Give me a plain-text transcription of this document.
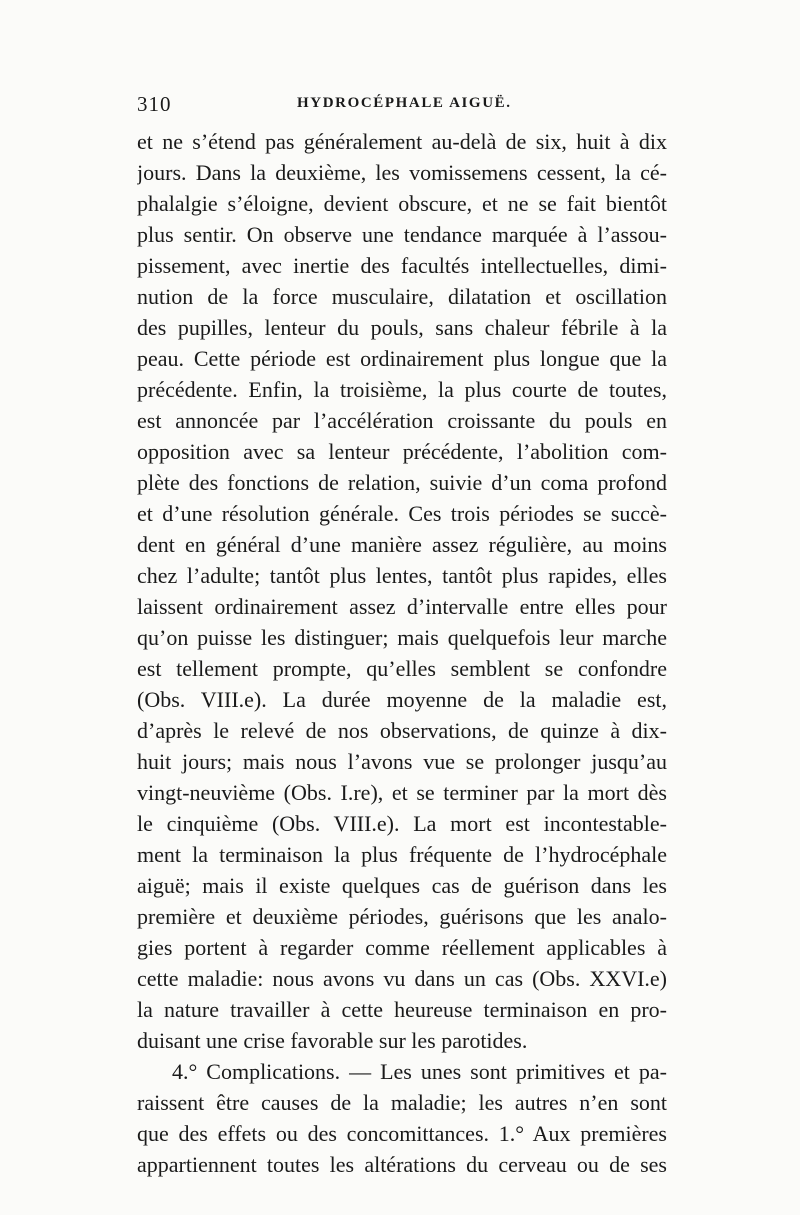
310	HYDROCÉPHALE AIGUË.
et ne s’étend pas généralement au-delà de six, huit à dix
jours. Dans la deuxième, les vomissemens cessent, la cé-
phalalgie s’éloigne, devient obscure, et ne se fait bientôt
plus sentir. On observe une tendance marquée à l’assou-
pissement, avec inertie des facultés intellectuelles, dimi-
nution de la force musculaire, dilatation et oscillation
des pupilles, lenteur du pouls, sans chaleur fébrile à la
peau. Cette période est ordinairement plus longue que la
précédente. Enfin, la troisième, la plus courte de toutes,
est annoncée par l’accélération croissante du pouls en
opposition avec sa lenteur précédente, l’abolition com-
plète des fonctions de relation, suivie d’un coma profond
et d’une résolution générale. Ces trois périodes se succè-
dent en général d’une manière assez régulière, au moins
chez l’adulte; tantôt plus lentes, tantôt plus rapides, elles
laissent ordinairement assez d’intervalle entre elles pour
qu’on puisse les distinguer; mais quelquefois leur marche
est tellement prompte, qu’elles semblent se confondre
(Obs. VIII.e). La durée moyenne de la maladie est,
d’après le relevé de nos observations, de quinze à dix-
huit jours; mais nous l’avons vue se prolonger jusqu’au
vingt-neuvième (Obs. I.re), et se terminer par la mort dès
le cinquième (Obs. VIII.e). La mort est incontestable-
ment la terminaison la plus fréquente de l’hydrocéphale
aiguë; mais il existe quelques cas de guérison dans les
première et deuxième périodes, guérisons que les analo-
gies portent à regarder comme réellement applicables à
cette maladie: nous avons vu dans un cas (Obs. XXVI.e)
la nature travailler à cette heureuse terminaison en pro-
duisant une crise favorable sur les parotides.
4.° Complications. — Les unes sont primitives et pa-
raissent être causes de la maladie; les autres n’en sont
que des effets ou des concomittances. 1.° Aux premières
appartiennent toutes les altérations du cerveau ou de ses
